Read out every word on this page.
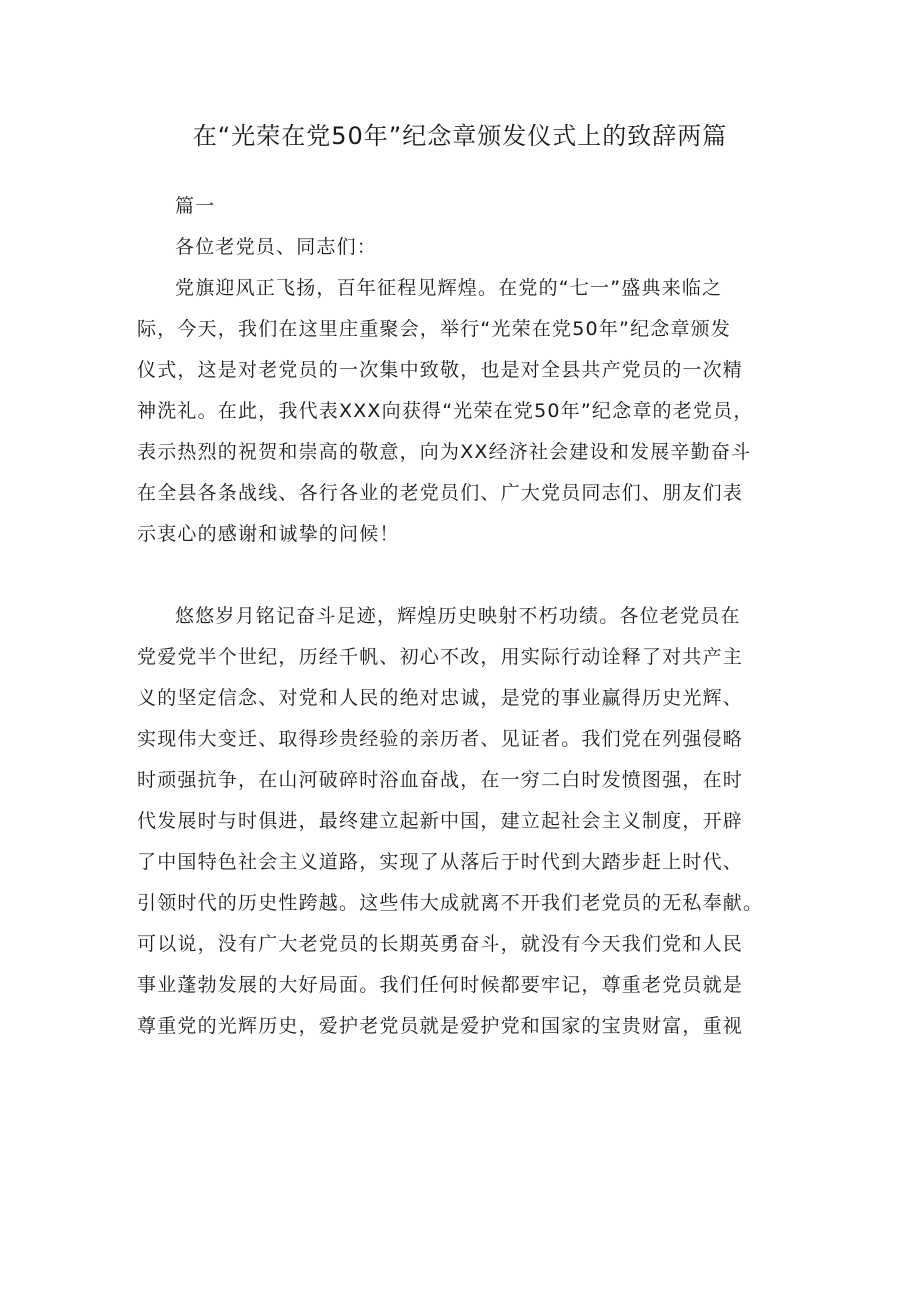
在“光荣在党50年”纪念章颁发仪式上的致辞两篇

篇一

各位老党员、同志们：

党旗迎风正飞扬，百年征程见辉煌。在党的“七一”盛典来临之
际，今天，我们在这里庄重聚会，举行“光荣在党50年”纪念章颁发
仪式，这是对老党员的一次集中致敬，也是对全县共产党员的一次精
神洗礼。在此，我代表XXX向获得“光荣在党50年”纪念章的老党员，
表示热烈的祝贺和崇高的敬意，向为XX经济社会建设和发展辛勤奋斗
在全县各条战线、各行各业的老党员们、广大党员同志们、朋友们表
示衷心的感谢和诚挚的问候！

悠悠岁月铭记奋斗足迹，辉煌历史映射不朽功绩。各位老党员在
党爱党半个世纪，历经千帆、初心不改，用实际行动诠释了对共产主
义的坚定信念、对党和人民的绝对忠诚，是党的事业赢得历史光辉、
实现伟大变迁、取得珍贵经验的亲历者、见证者。我们党在列强侵略
时顽强抗争，在山河破碎时浴血奋战，在一穷二白时发愤图强，在时
代发展时与时俱进，最终建立起新中国，建立起社会主义制度，开辟
了中国特色社会主义道路，实现了从落后于时代到大踏步赶上时代、
引领时代的历史性跨越。这些伟大成就离不开我们老党员的无私奉献。
可以说，没有广大老党员的长期英勇奋斗，就没有今天我们党和人民
事业蓬勃发展的大好局面。我们任何时候都要牢记，尊重老党员就是
尊重党的光辉历史，爱护老党员就是爱护党和国家的宝贵财富，重视
